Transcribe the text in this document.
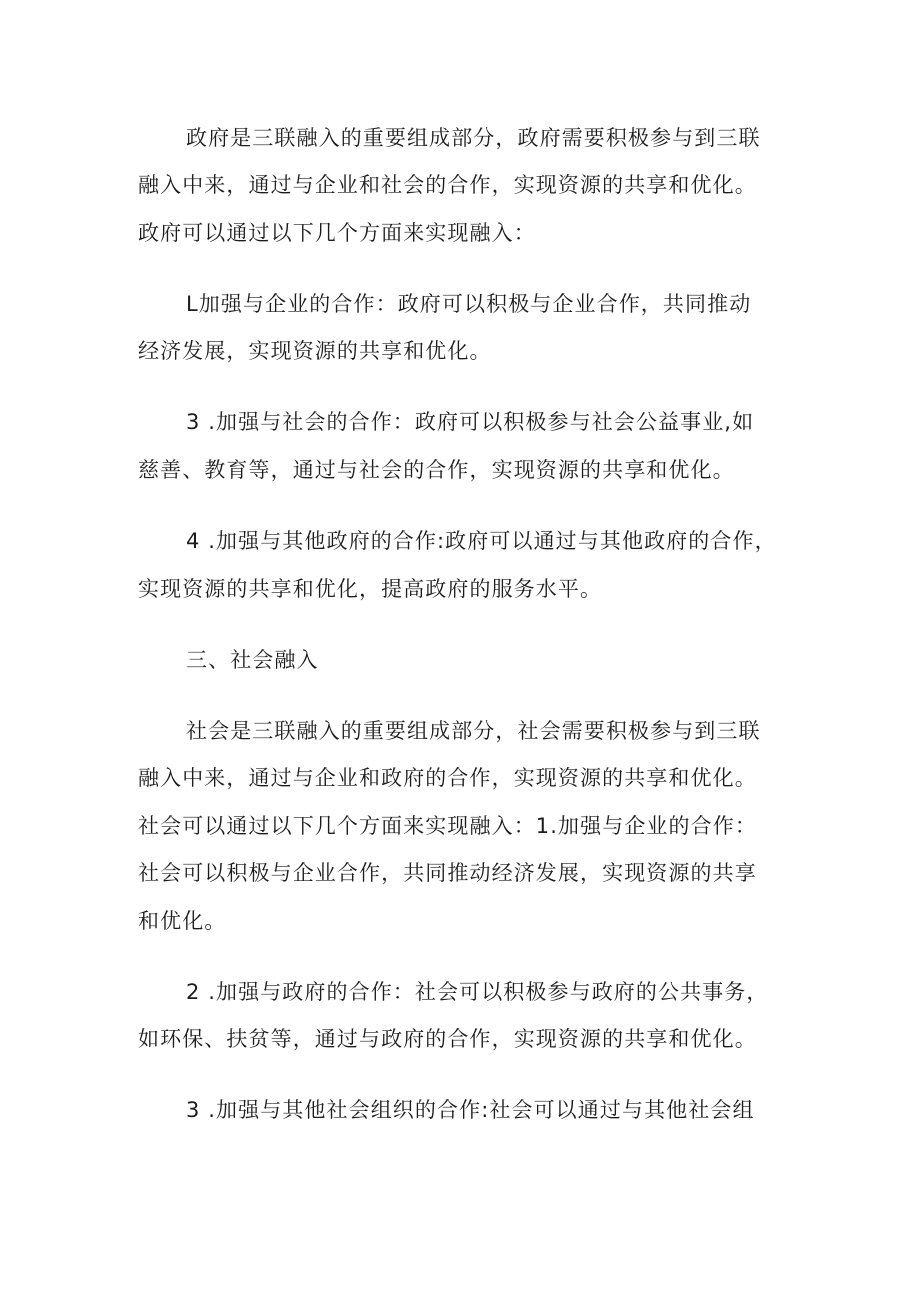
政府是三联融入的重要组成部分，政府需要积极参与到三联
融入中来，通过与企业和社会的合作，实现资源的共享和优化。
政府可以通过以下几个方面来实现融入：
L加强与企业的合作：政府可以积极与企业合作，共同推动
经济发展，实现资源的共享和优化。
3 .加强与社会的合作：政府可以积极参与社会公益事业,如
慈善、教育等，通过与社会的合作，实现资源的共享和优化。
4 .加强与其他政府的合作:政府可以通过与其他政府的合作，
实现资源的共享和优化，提高政府的服务水平。
三、社会融入
社会是三联融入的重要组成部分，社会需要积极参与到三联
融入中来，通过与企业和政府的合作，实现资源的共享和优化。
社会可以通过以下几个方面来实现融入：1.加强与企业的合作：
社会可以积极与企业合作，共同推动经济发展，实现资源的共享
和优化。
2 .加强与政府的合作：社会可以积极参与政府的公共事务，
如环保、扶贫等，通过与政府的合作，实现资源的共享和优化。
3 .加强与其他社会组织的合作:社会可以通过与其他社会组
